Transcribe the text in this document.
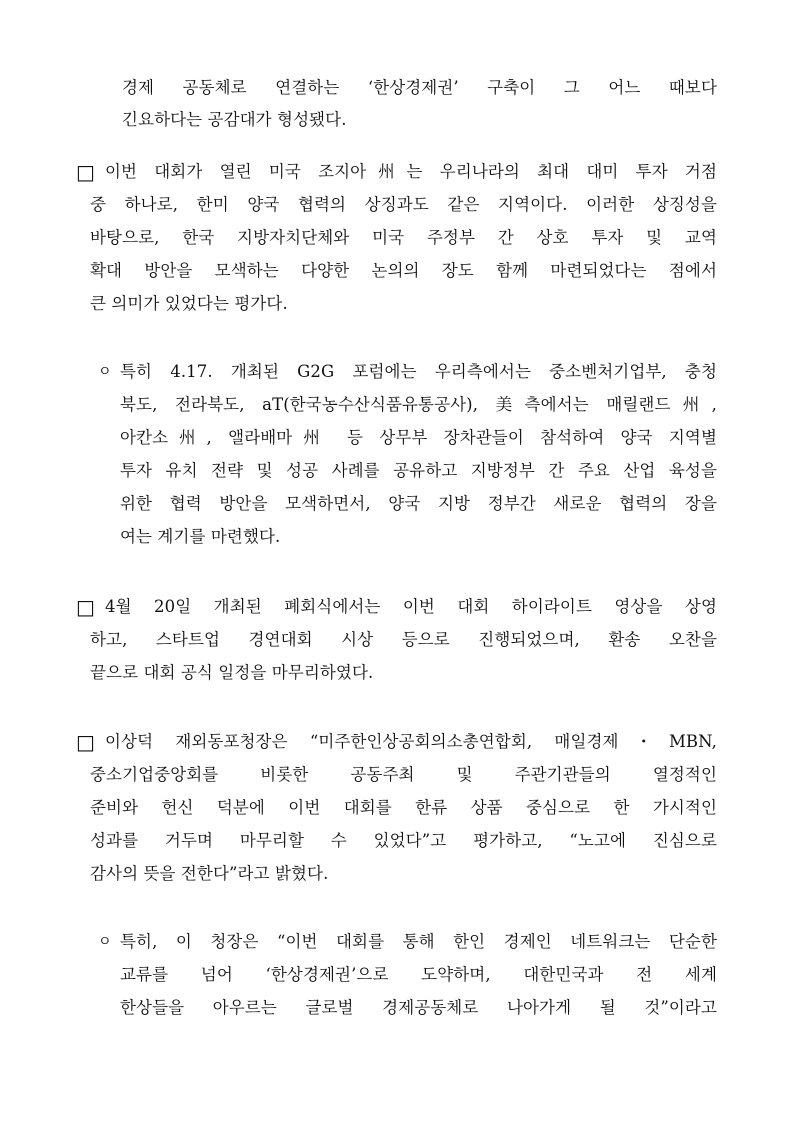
경제 공동체로 연결하는 ‘한상경제권’ 구축이 그 어느 때보다
긴요하다는 공감대가 형성됐다.
□ 이번 대회가 열린 미국 조지아州는 우리나라의 최대 대미 투자 거점
중 하나로, 한미 양국 협력의 상징과도 같은 지역이다. 이러한 상징성을
바탕으로, 한국 지방자치단체와 미국 주정부 간 상호 투자 및 교역
확대 방안을 모색하는 다양한 논의의 장도 함께 마련되었다는 점에서
큰 의미가 있었다는 평가다.
ㅇ 특히 4.17. 개최된 G2G 포럼에는 우리측에서는 중소벤처기업부, 충청
북도, 전라북도, aT(한국농수산식품유통공사), 美측에서는 매릴랜드州,
아칸소州, 앨라배마州 등 상무부 장차관들이 참석하여 양국 지역별
투자 유치 전략 및 성공 사례를 공유하고 지방정부 간 주요 산업 육성을
위한 협력 방안을 모색하면서, 양국 지방 정부간 새로운 협력의 장을
여는 계기를 마련했다.
□ 4월 20일 개최된 폐회식에서는 이번 대회 하이라이트 영상을 상영
하고, 스타트업 경연대회 시상 등으로 진행되었으며, 환송 오찬을
끝으로 대회 공식 일정을 마무리하였다.
□ 이상덕 재외동포청장은 “미주한인상공회의소총연합회, 매일경제・MBN,
중소기업중앙회를 비롯한 공동주최 및 주관기관들의 열정적인
준비와 헌신 덕분에 이번 대회를 한류 상품 중심으로 한 가시적인
성과를 거두며 마무리할 수 있었다”고 평가하고, “노고에 진심으로
감사의 뜻을 전한다”라고 밝혔다.
ㅇ 특히, 이 청장은 “이번 대회를 통해 한인 경제인 네트워크는 단순한
교류를 넘어 ‘한상경제권’으로 도약하며, 대한민국과 전 세계
한상들을 아우르는 글로벌 경제공동체로 나아가게 될 것”이라고
